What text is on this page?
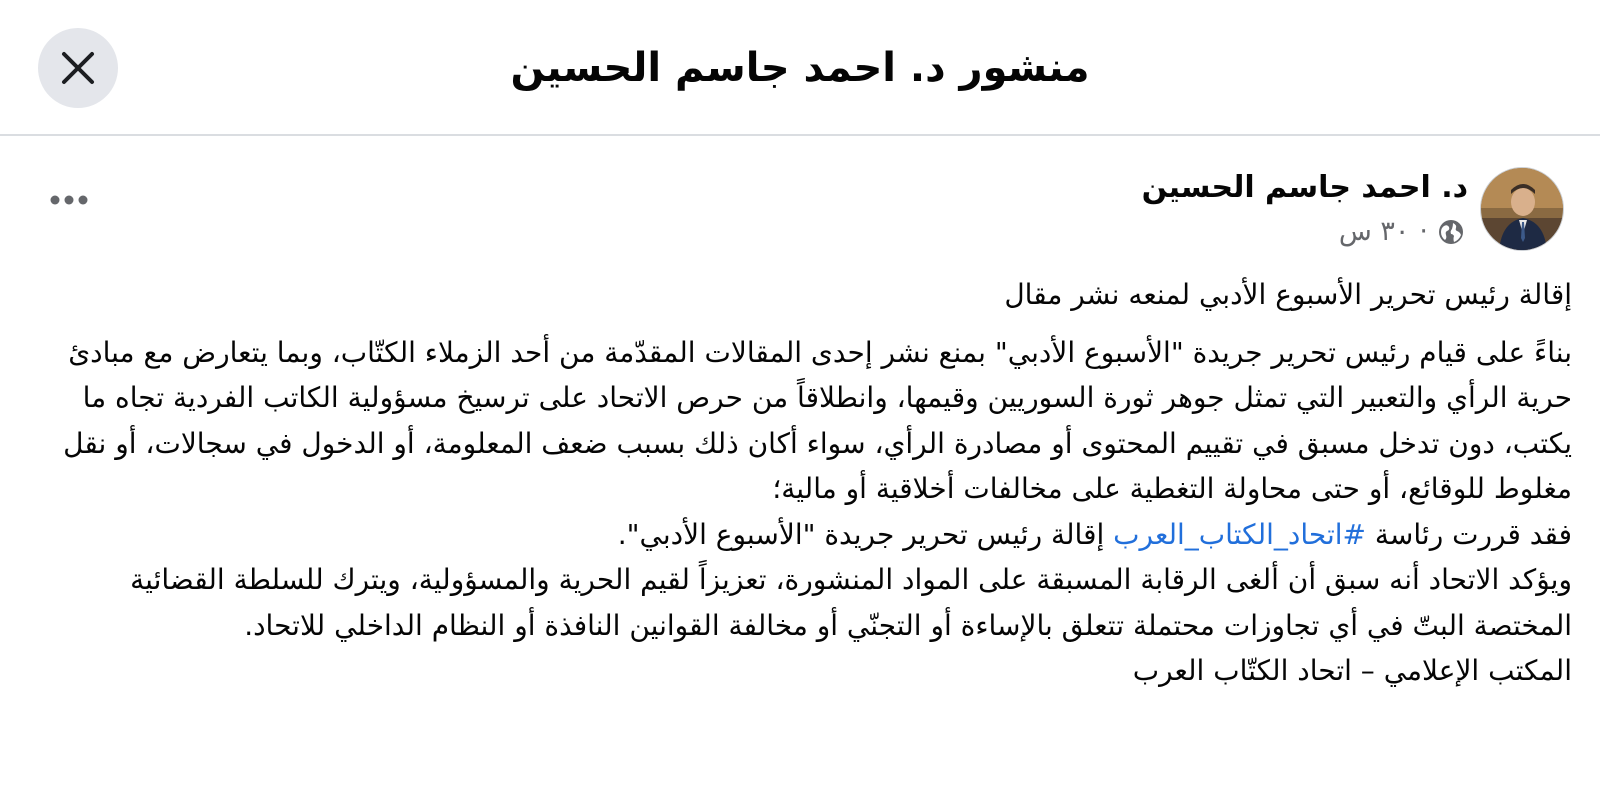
منشور د. احمد جاسم الحسين
د. احمد جاسم الحسين
٣٠ س ·

إقالة رئيس تحرير الأسبوع الأدبي لمنعه نشر مقال

بناءً على قيام رئيس تحرير جريدة "الأسبوع الأدبي" بمنع نشر إحدى المقالات المقدّمة من أحد الزملاء الكتّاب، وبما يتعارض مع مبادئ حرية الرأي والتعبير التي تمثل جوهر ثورة السوريين وقيمها، وانطلاقاً من حرص الاتحاد على ترسيخ مسؤولية الكاتب الفردية تجاه ما يكتب، دون تدخل مسبق في تقييم المحتوى أو مصادرة الرأي، سواء أكان ذلك بسبب ضعف المعلومة، أو الدخول في سجالات، أو نقل مغلوط للوقائع، أو حتى محاولة التغطية على مخالفات أخلاقية أو مالية؛

فقد قررت رئاسة #اتحاد_الكتاب_العرب إقالة رئيس تحرير جريدة "الأسبوع الأدبي".

ويؤكد الاتحاد أنه سبق أن ألغى الرقابة المسبقة على المواد المنشورة، تعزيزاً لقيم الحرية والمسؤولية، ويترك للسلطة القضائية المختصة البتّ في أي تجاوزات محتملة تتعلق بالإساءة أو التجنّي أو مخالفة القوانين النافذة أو النظام الداخلي للاتحاد.

المكتب الإعلامي – اتحاد الكتّاب العرب
